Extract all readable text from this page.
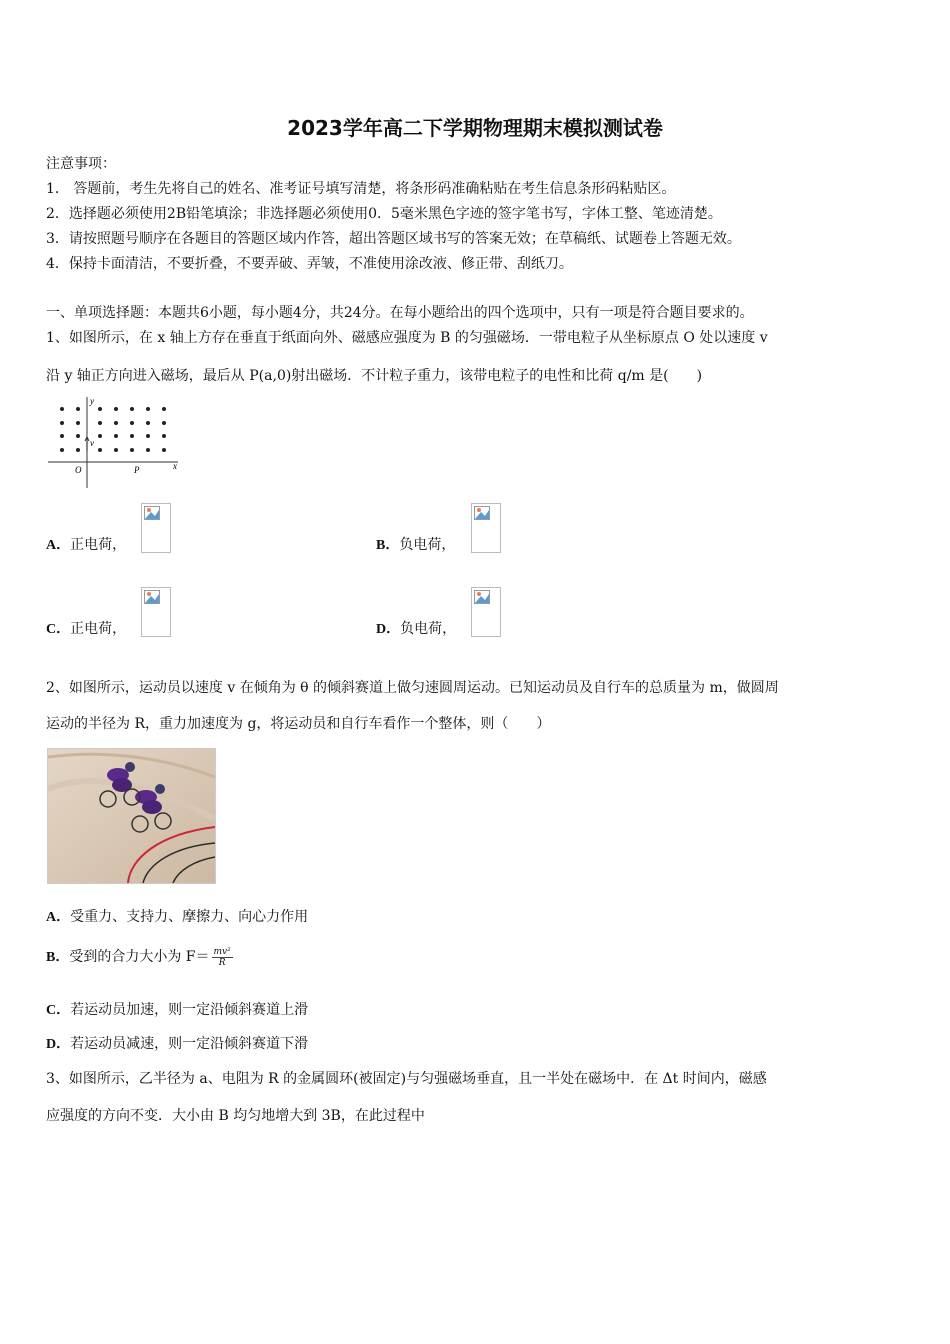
2023学年高二下学期物理期末模拟测试卷
注意事项：
1． 答题前，考生先将自己的姓名、准考证号填写清楚，将条形码准确粘贴在考生信息条形码粘贴区。
2．选择题必须使用2B铅笔填涂；非选择题必须使用0．5毫米黑色字迹的签字笔书写，字体工整、笔迹清楚。
3．请按照题号顺序在各题目的答题区域内作答，超出答题区域书写的答案无效；在草稿纸、试题卷上答题无效。
4．保持卡面清洁，不要折叠，不要弄破、弄皱，不准使用涂改液、修正带、刮纸刀。
一、单项选择题：本题共6小题，每小题4分，共24分。在每小题给出的四个选项中，只有一项是符合题目要求的。
1、如图所示，在 x 轴上方存在垂直于纸面向外、磁感应强度为 B 的匀强磁场．一带电粒子从坐标原点 O 处以速度 v
沿 y 轴正方向进入磁场，最后从 P(a,0)射出磁场．不计粒子重力，该带电粒子的电性和比荷 q/m 是(　　)
y
v
O	P	x
A．正电荷，	B．负电荷，
C．正电荷，	D．负电荷，
2、如图所示，运动员以速度 v 在倾角为 θ 的倾斜赛道上做匀速圆周运动。已知运动员及自行车的总质量为 m，做圆周
运动的半径为 R，重力加速度为 g，将运动员和自行车看作一个整体，则（　　）
A．受重力、支持力、摩擦力、向心力作用
B．受到的合力大小为 $F= \frac{\text{mv²}}{R}$
C．若运动员加速，则一定沿倾斜赛道上滑
D．若运动员减速，则一定沿倾斜赛道下滑
3、如图所示，乙半径为 a、电阻为 R 的金属圆环(被固定)与匀强磁场垂直，且一半处在磁场中．在 Δt 时间内，磁感
应强度的方向不变．大小由 B 均匀地增大到 3B，在此过程中
